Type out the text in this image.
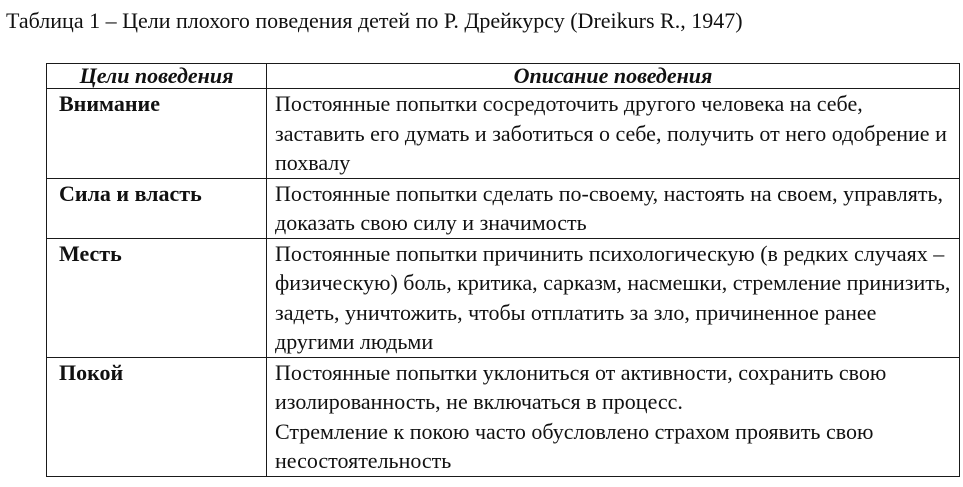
Таблица 1 – Цели плохого поведения детей по Р. Дрейкурсу (Dreikurs R., 1947)
Цели поведения	Описание поведения
Внимание	Постоянные попытки сосредоточить другого человека на себе, заставить его думать и заботиться о себе, получить от него одобрение и похвалу
Сила и власть	Постоянные попытки сделать по-своему, настоять на своем, управлять, доказать свою силу и значимость
Месть	Постоянные попытки причинить психологическую (в редких случаях – физическую) боль, критика, сарказм, насмешки, стремление принизить, задеть, уничтожить, чтобы отплатить за зло, причиненное ранее другими людьми
Покой	Постоянные попытки уклониться от активности, сохранить свою изолированность, не включаться в процесс.
Стремление к покою часто обусловлено страхом проявить свою несостоятельность
